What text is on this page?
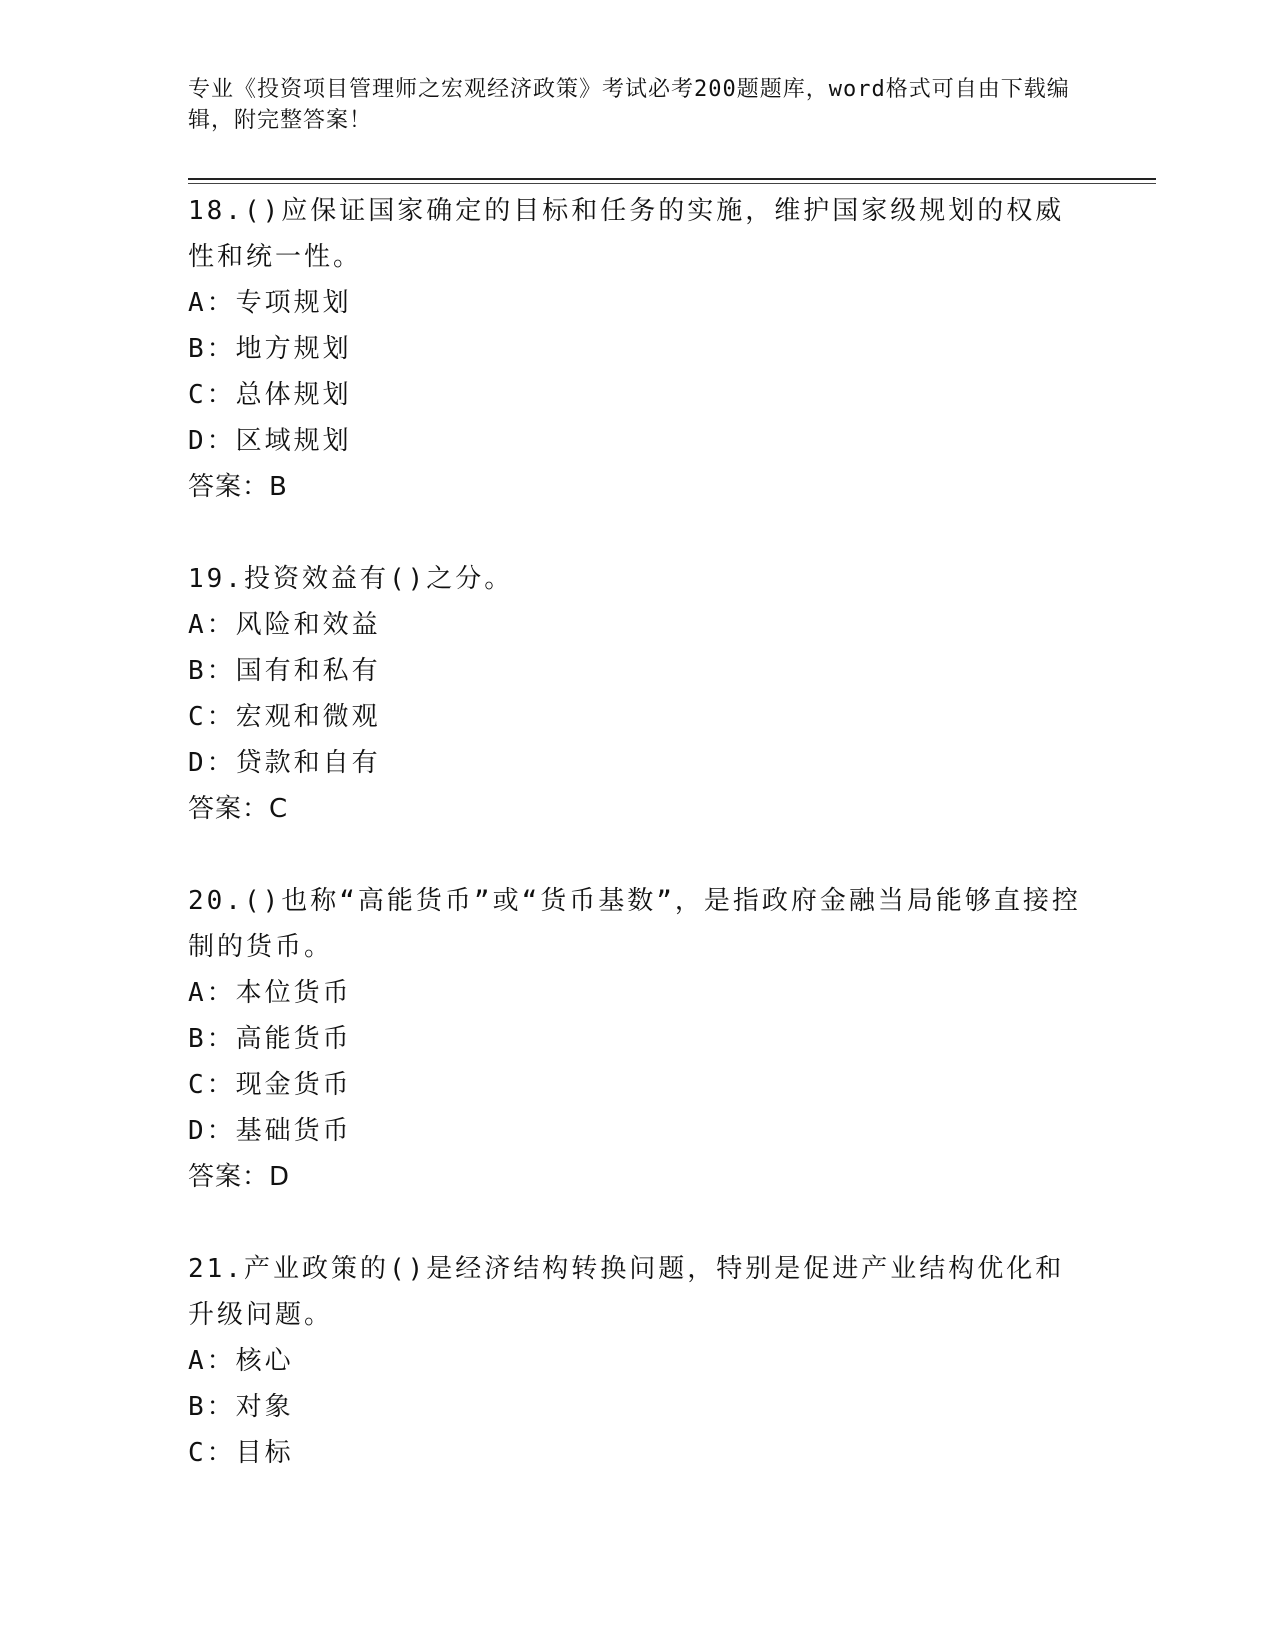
专业《投资项目管理师之宏观经济政策》考试必考200题题库，word格式可自由下载编辑，附完整答案！

18.()应保证国家确定的目标和任务的实施，维护国家级规划的权威性和统一性。

A：专项规划

B：地方规划

C：总体规划

D：区域规划

答案：B

19.投资效益有()之分。

A：风险和效益

B：国有和私有

C：宏观和微观

D：贷款和自有

答案：C

20.()也称“高能货币”或“货币基数”，是指政府金融当局能够直接控制的货币。

A：本位货币

B：高能货币

C：现金货币

D：基础货币

答案：D

21.产业政策的()是经济结构转换问题，特别是促进产业结构优化和升级问题。

A：核心

B：对象

C：目标
